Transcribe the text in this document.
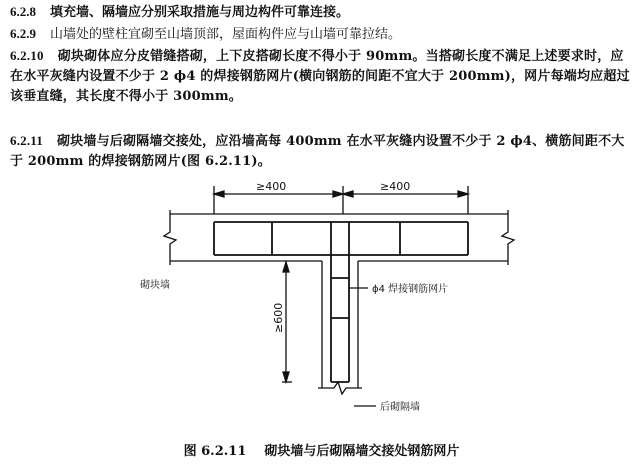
6.2.8 填充墙、隔墙应分别采取措施与周边构件可靠连接。

6.2.9 山墙处的壁柱宜砌至山墙顶部，屋面构件应与山墙可靠拉结。

6.2.10 砌块砌体应分皮错缝搭砌，上下皮搭砌长度不得小于 90mm。当搭砌长度不满足上述要求时，应在水平灰缝内设置不少于 2 ϕ4 的焊接钢筋网片(横向钢筋的间距不宜大于 200mm)，网片每端均应超过该垂直缝，其长度不得小于 300mm。

6.2.11 砌块墙与后砌隔墙交接处，应沿墙高每 400mm 在水平灰缝内设置不少于 2 ϕ4、横筋间距不大于 200mm 的焊接钢筋网片(图 6.2.11)。

≥400	≥400
≥600
砌块墙	ϕ4 焊接钢筋网片
后砌隔墙
图 6.2.11 砌块墙与后砌隔墙交接处钢筋网片
